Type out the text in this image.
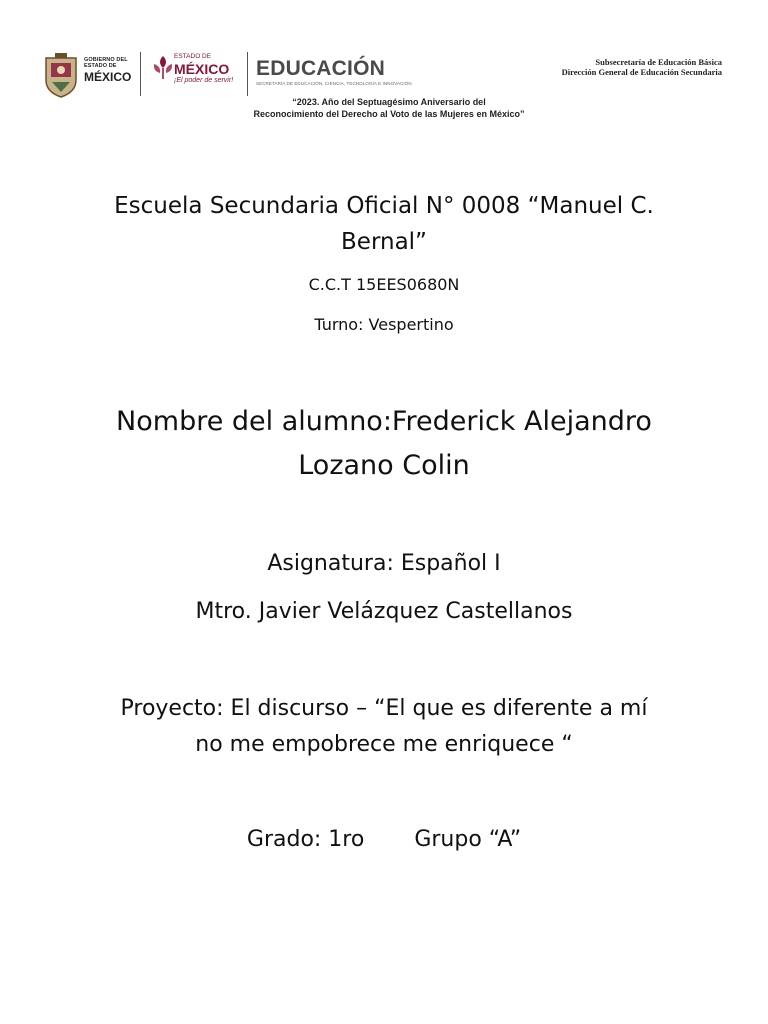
GOBIERNO DEL
ESTADO DE
MÉXICO
ESTADO DE
MÉXICO
¡El poder de servir! EDUCACIÓN
SECRETARÍA DE EDUCACIÓN, CIENCIA, TECNOLOGÍA E INNOVACIÓN
Subsecretaría de Educación Básica
Dirección General de Educación Secundaria
“2023. Año del Septuagésimo Aniversario del
Reconocimiento del Derecho al Voto de las Mujeres en México”
Escuela Secundaria Oficial N° 0008 “Manuel C.
Bernal”
C.C.T 15EES0680N
Turno: Vespertino
Nombre del alumno:Frederick Alejandro
Lozano Colin
Asignatura: Español I
Mtro. Javier Velázquez Castellanos
Proyecto: El discurso – “El que es diferente a mí
no me empobrece me enriquece “
Grado: 1ro Grupo “A”
